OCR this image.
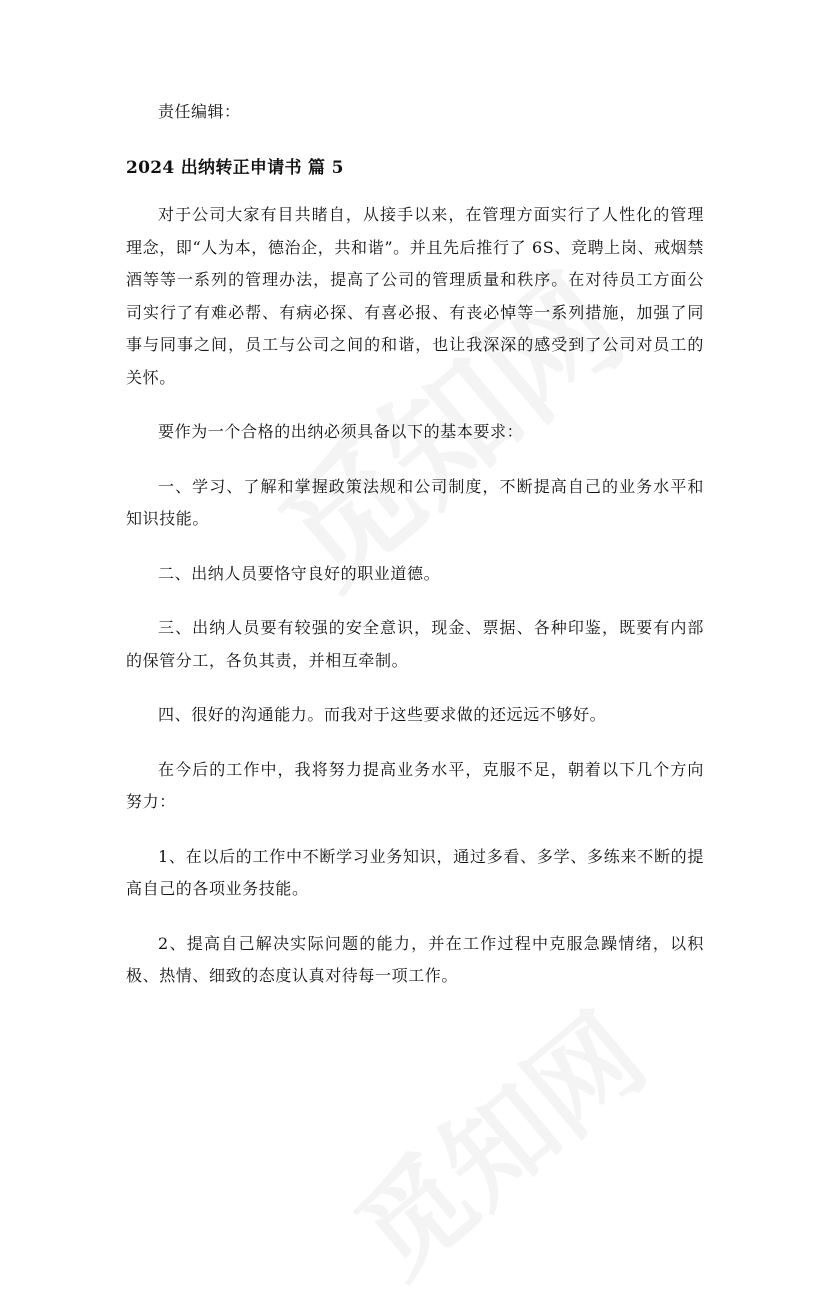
责任编辑：
2024 出纳转正申请书 篇 5

对于公司大家有目共睹自，从接手以来，在管理方面实行了人性化的管理理念，即“人为本，德治企，共和谐”。并且先后推行了 6S、竞聘上岗、戒烟禁酒等等一系列的管理办法，提高了公司的管理质量和秩序。在对待员工方面公司实行了有难必帮、有病必探、有喜必报、有丧必悼等一系列措施，加强了同事与同事之间，员工与公司之间的和谐，也让我深深的感受到了公司对员工的关怀。

要作为一个合格的出纳必须具备以下的基本要求：

一、学习、了解和掌握政策法规和公司制度，不断提高自己的业务水平和知识技能。

二、出纳人员要恪守良好的职业道德。

三、出纳人员要有较强的安全意识，现金、票据、各种印鉴，既要有内部的保管分工，各负其责，并相互牵制。

四、很好的沟通能力。而我对于这些要求做的还远远不够好。

在今后的工作中，我将努力提高业务水平，克服不足，朝着以下几个方向努力：

1、在以后的工作中不断学习业务知识，通过多看、多学、多练来不断的提高自己的各项业务技能。

2、提高自己解决实际问题的能力，并在工作过程中克服急躁情绪，以积极、热情、细致的态度认真对待每一项工作。
